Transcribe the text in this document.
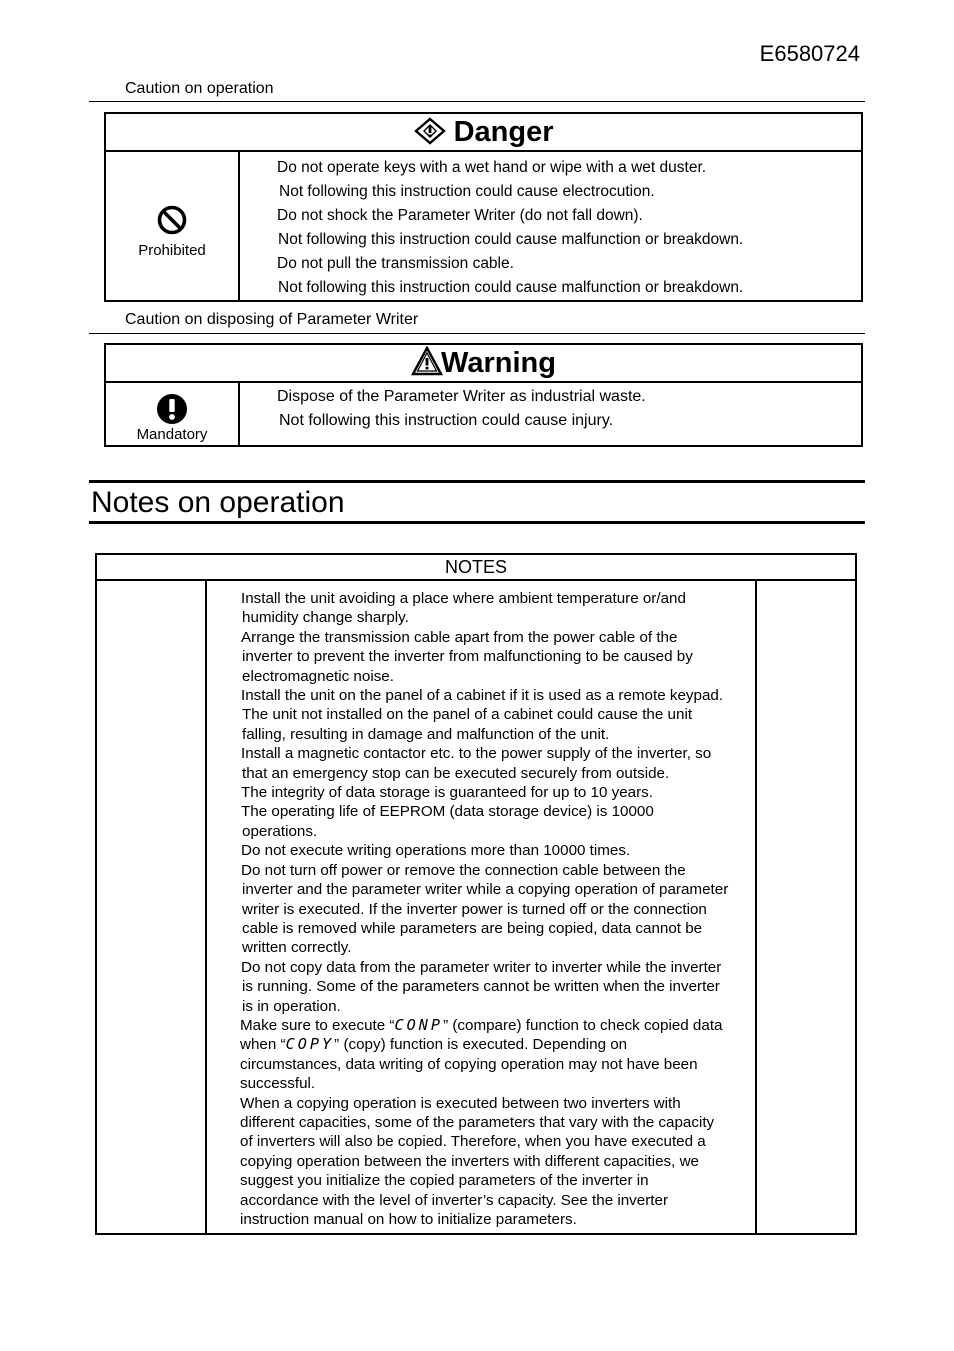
E6580724
Caution on operation
Danger

Prohibited

Do not operate keys with a wet hand or wipe with a wet duster.
Not following this instruction could cause electrocution.
Do not shock the Parameter Writer (do not fall down).
Not following this instruction could cause malfunction or breakdown.
Do not pull the transmission cable.
Not following this instruction could cause malfunction or breakdown.
Caution on disposing of Parameter Writer
Warning

Mandatory

Dispose of the Parameter Writer as industrial waste.
Not following this instruction could cause injury.
Notes on operation
NOTES

Install the unit avoiding a place where ambient temperature or/and

humidity change sharply.

Arrange the transmission cable apart from the power cable of the

inverter to prevent the inverter from malfunctioning to be caused by

electromagnetic noise.

Install the unit on the panel of a cabinet if it is used as a remote keypad.

The unit not installed on the panel of a cabinet could cause the unit

falling, resulting in damage and malfunction of the unit.

Install a magnetic contactor etc. to the power supply of the inverter, so

that an emergency stop can be executed securely from outside.

The integrity of data storage is guaranteed for up to 10 years.

The operating life of EEPROM (data storage device) is 10000

operations.

Do not execute writing operations more than 10000 times.

Do not turn off power or remove the connection cable between the

inverter and the parameter writer while a copying operation of parameter

writer is executed. If the inverter power is turned off or the connection

cable is removed while parameters are being copied, data cannot be

written correctly.

Do not copy data from the parameter writer to inverter while the inverter

is running. Some of the parameters cannot be written when the inverter

is in operation.

Make sure to execute “CONP” (compare) function to check copied data

when “COPY” (copy) function is executed. Depending on

circumstances, data writing of copying operation may not have been

successful.

When a copying operation is executed between two inverters with

different capacities, some of the parameters that vary with the capacity

of inverters will also be copied. Therefore, when you have executed a

copying operation between the inverters with different capacities, we

suggest you initialize the copied parameters of the inverter in

accordance with the level of inverter’s capacity. See the inverter

instruction manual on how to initialize parameters.
